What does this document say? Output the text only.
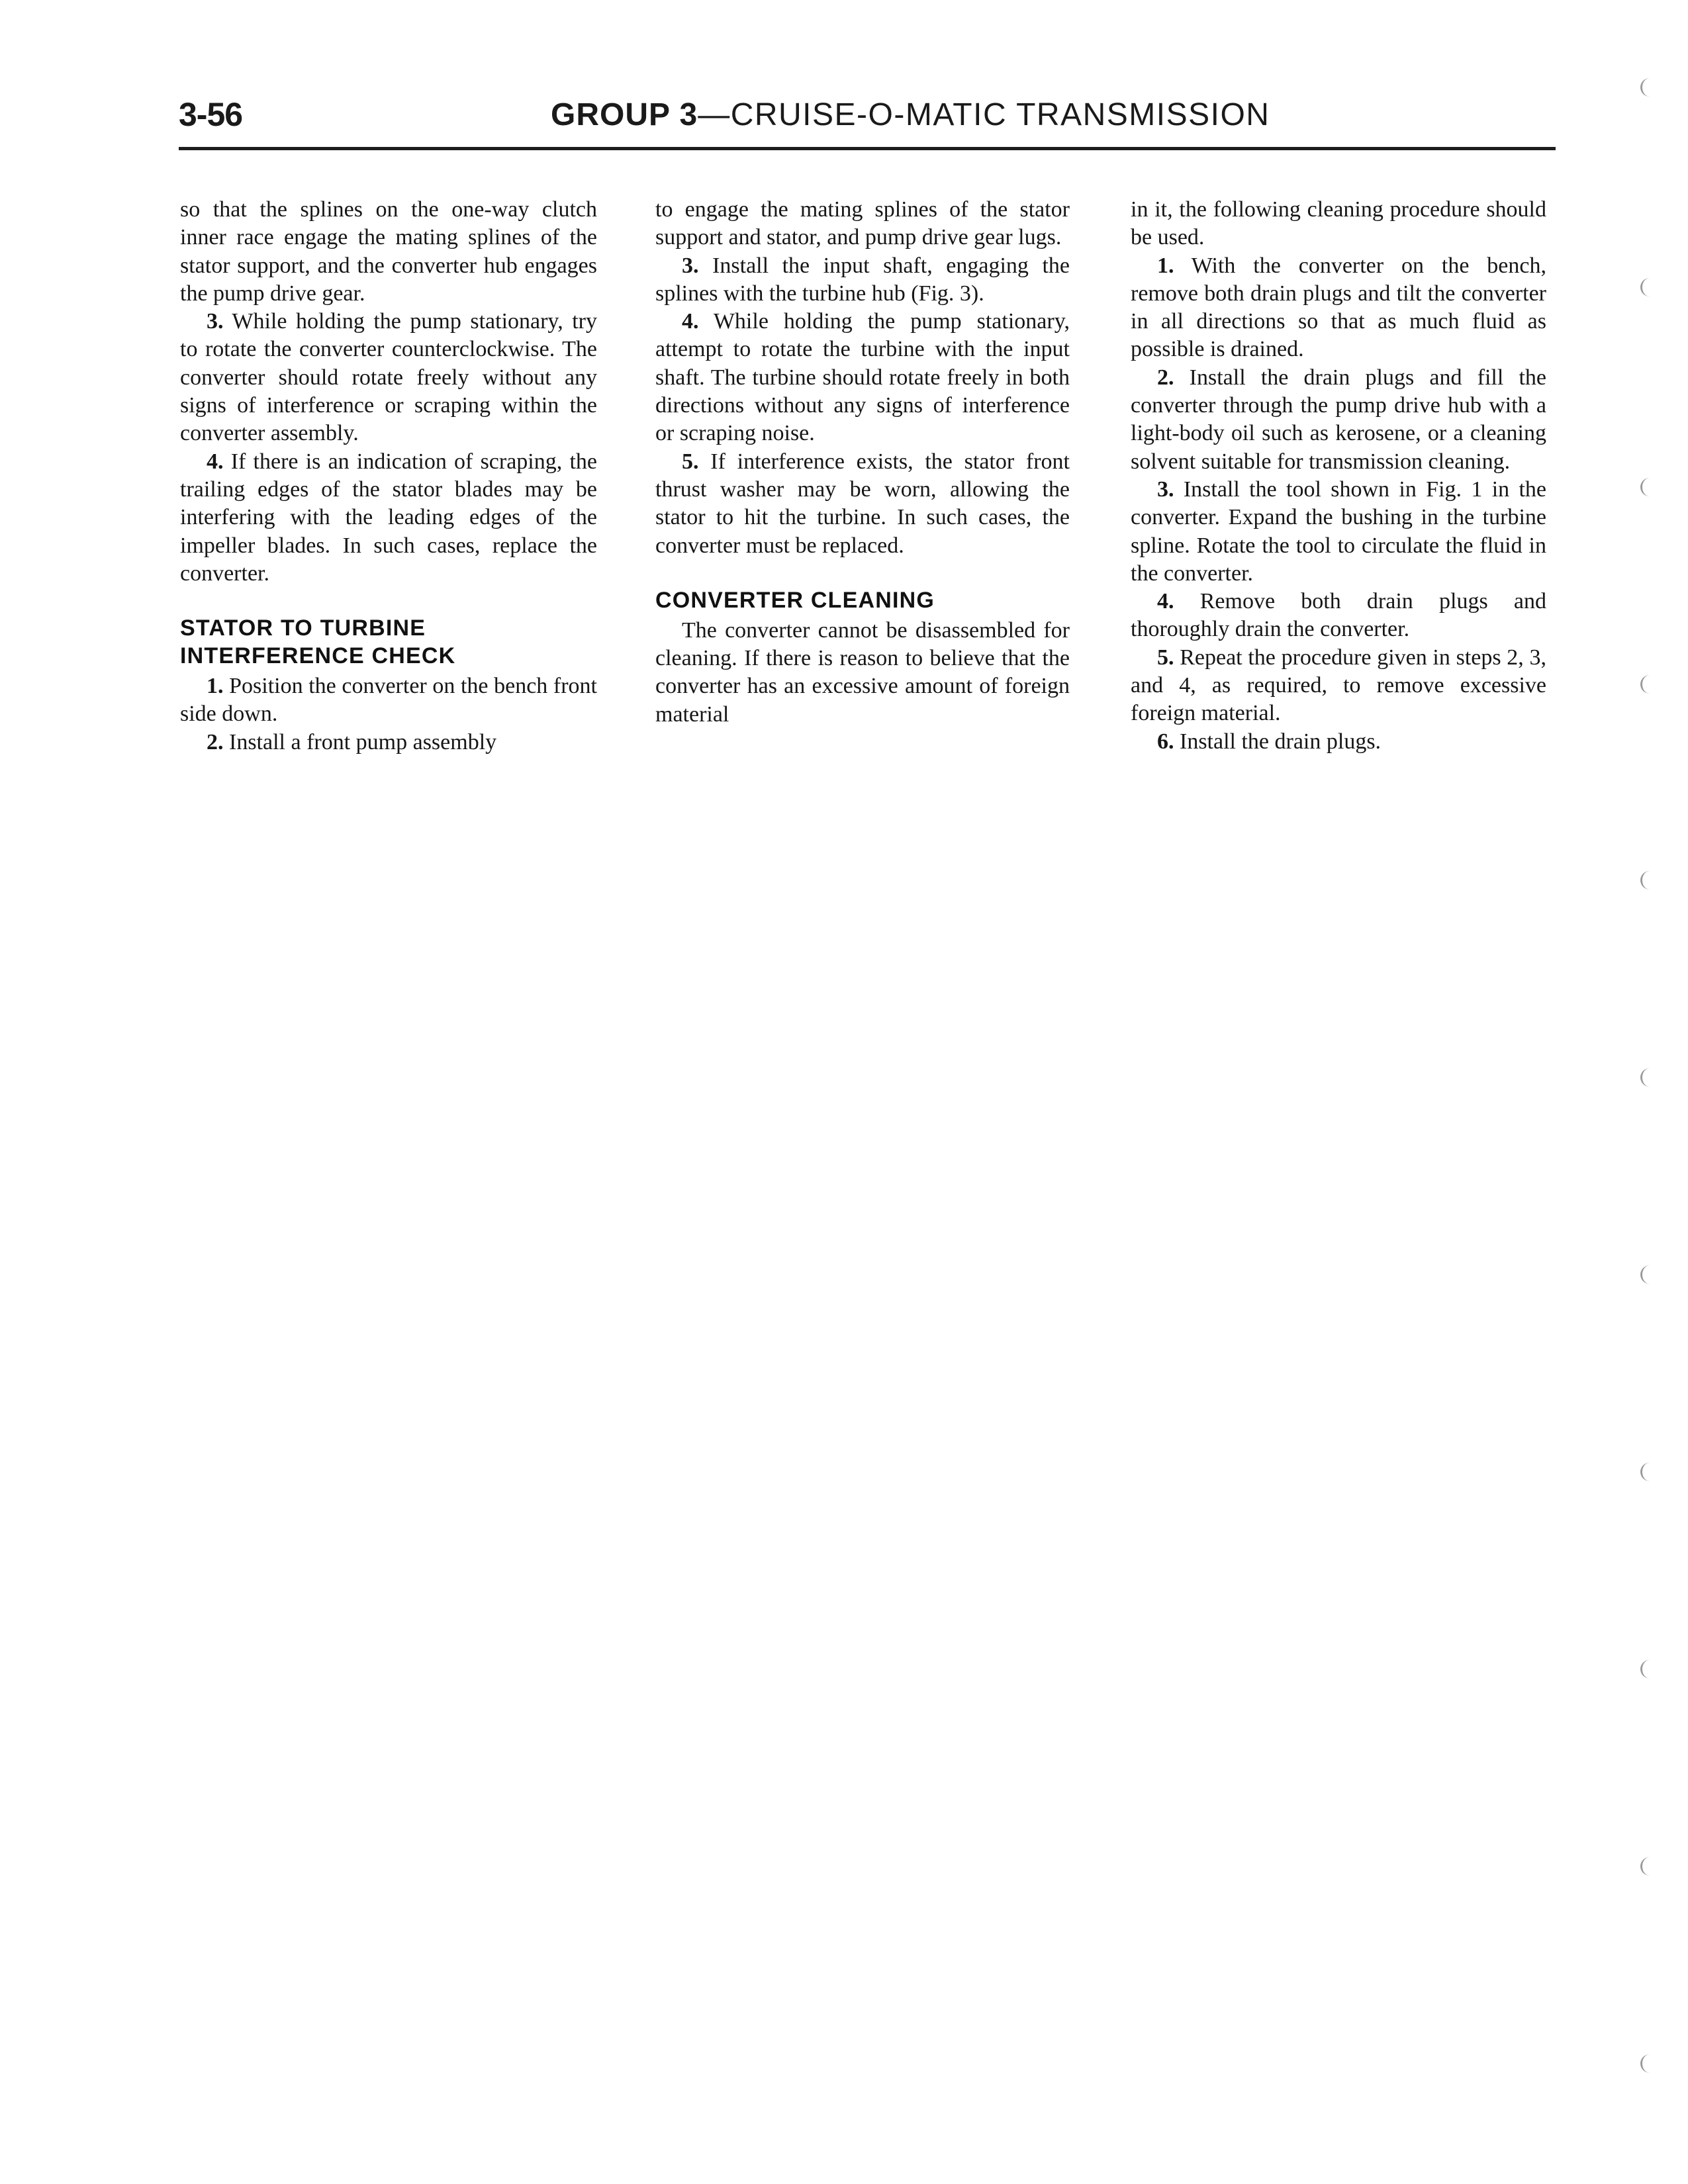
3-56	GROUP 3—CRUISE-O-MATIC TRANSMISSION

so that the splines on the one-way clutch inner race engage the mating splines of the stator support, and the converter hub engages the pump drive gear.

3. While holding the pump stationary, try to rotate the converter counterclockwise. The converter should rotate freely without any signs of interference or scraping within the converter assembly.

4. If there is an indication of scraping, the trailing edges of the stator blades may be interfering with the leading edges of the impeller blades. In such cases, replace the converter.

STATOR TO TURBINE
INTERFERENCE CHECK

1. Position the converter on the bench front side down.

2. Install a front pump assembly

to engage the mating splines of the stator support and stator, and pump drive gear lugs.

3. Install the input shaft, engaging the splines with the turbine hub (Fig. 3).

4. While holding the pump stationary, attempt to rotate the turbine with the input shaft. The turbine should rotate freely in both directions without any signs of interference or scraping noise.

5. If interference exists, the stator front thrust washer may be worn, allowing the stator to hit the turbine. In such cases, the converter must be replaced.

CONVERTER CLEANING

The converter cannot be disassembled for cleaning. If there is reason to believe that the converter has an excessive amount of foreign material

in it, the following cleaning procedure should be used.

1. With the converter on the bench, remove both drain plugs and tilt the converter in all directions so that as much fluid as possible is drained.

2. Install the drain plugs and fill the converter through the pump drive hub with a light-body oil such as kerosene, or a cleaning solvent suitable for transmission cleaning.

3. Install the tool shown in Fig. 1 in the converter. Expand the bushing in the turbine spline. Rotate the tool to circulate the fluid in the converter.

4. Remove both drain plugs and thoroughly drain the converter.

5. Repeat the procedure given in steps 2, 3, and 4, as required, to remove excessive foreign material.

6. Install the drain plugs.
